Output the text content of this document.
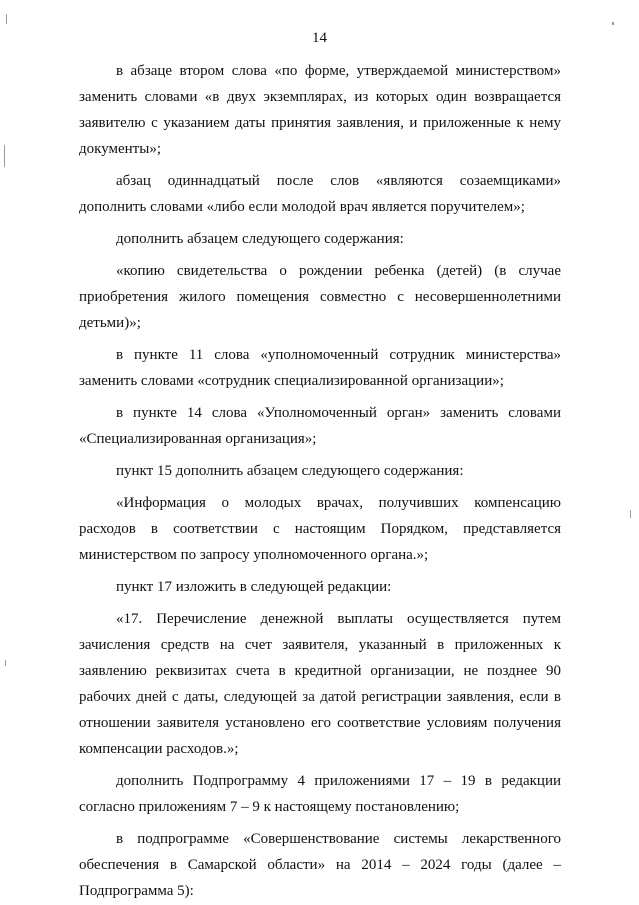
14

в абзаце втором слова «по форме, утверждаемой министерством» заменить словами «в двух экземплярах, из которых один возвращается заявителю с указанием даты принятия заявления, и приложенные к нему документы»;

абзац одиннадцатый после слов «являются созаемщиками» дополнить словами «либо если молодой врач является поручителем»;

дополнить абзацем следующего содержания:

«копию свидетельства о рождении ребенка (детей) (в случае приобретения жилого помещения совместно с несовершеннолетними детьми)»;

в пункте 11 слова «уполномоченный сотрудник министерства» заменить словами «сотрудник специализированной организации»;

в пункте 14 слова «Уполномоченный орган» заменить словами «Специализированная организация»;

пункт 15 дополнить абзацем следующего содержания:

«Информация о молодых врачах, получивших компенсацию расходов в соответствии с настоящим Порядком, представляется министерством по запросу уполномоченного органа.»;

пункт 17 изложить в следующей редакции:

«17. Перечисление денежной выплаты осуществляется путем зачисления средств на счет заявителя, указанный в приложенных к заявлению реквизитах счета в кредитной организации, не позднее 90 рабочих дней с даты, следующей за датой регистрации заявления, если в отношении заявителя установлено его соответствие условиям получения компенсации расходов.»;

дополнить Подпрограмму 4 приложениями 17 – 19 в редакции согласно приложениям 7 – 9 к настоящему постановлению;

в подпрограмме «Совершенствование системы лекарственного обеспечения в Самарской области» на 2014 – 2024 годы (далее – Подпрограмма 5):
